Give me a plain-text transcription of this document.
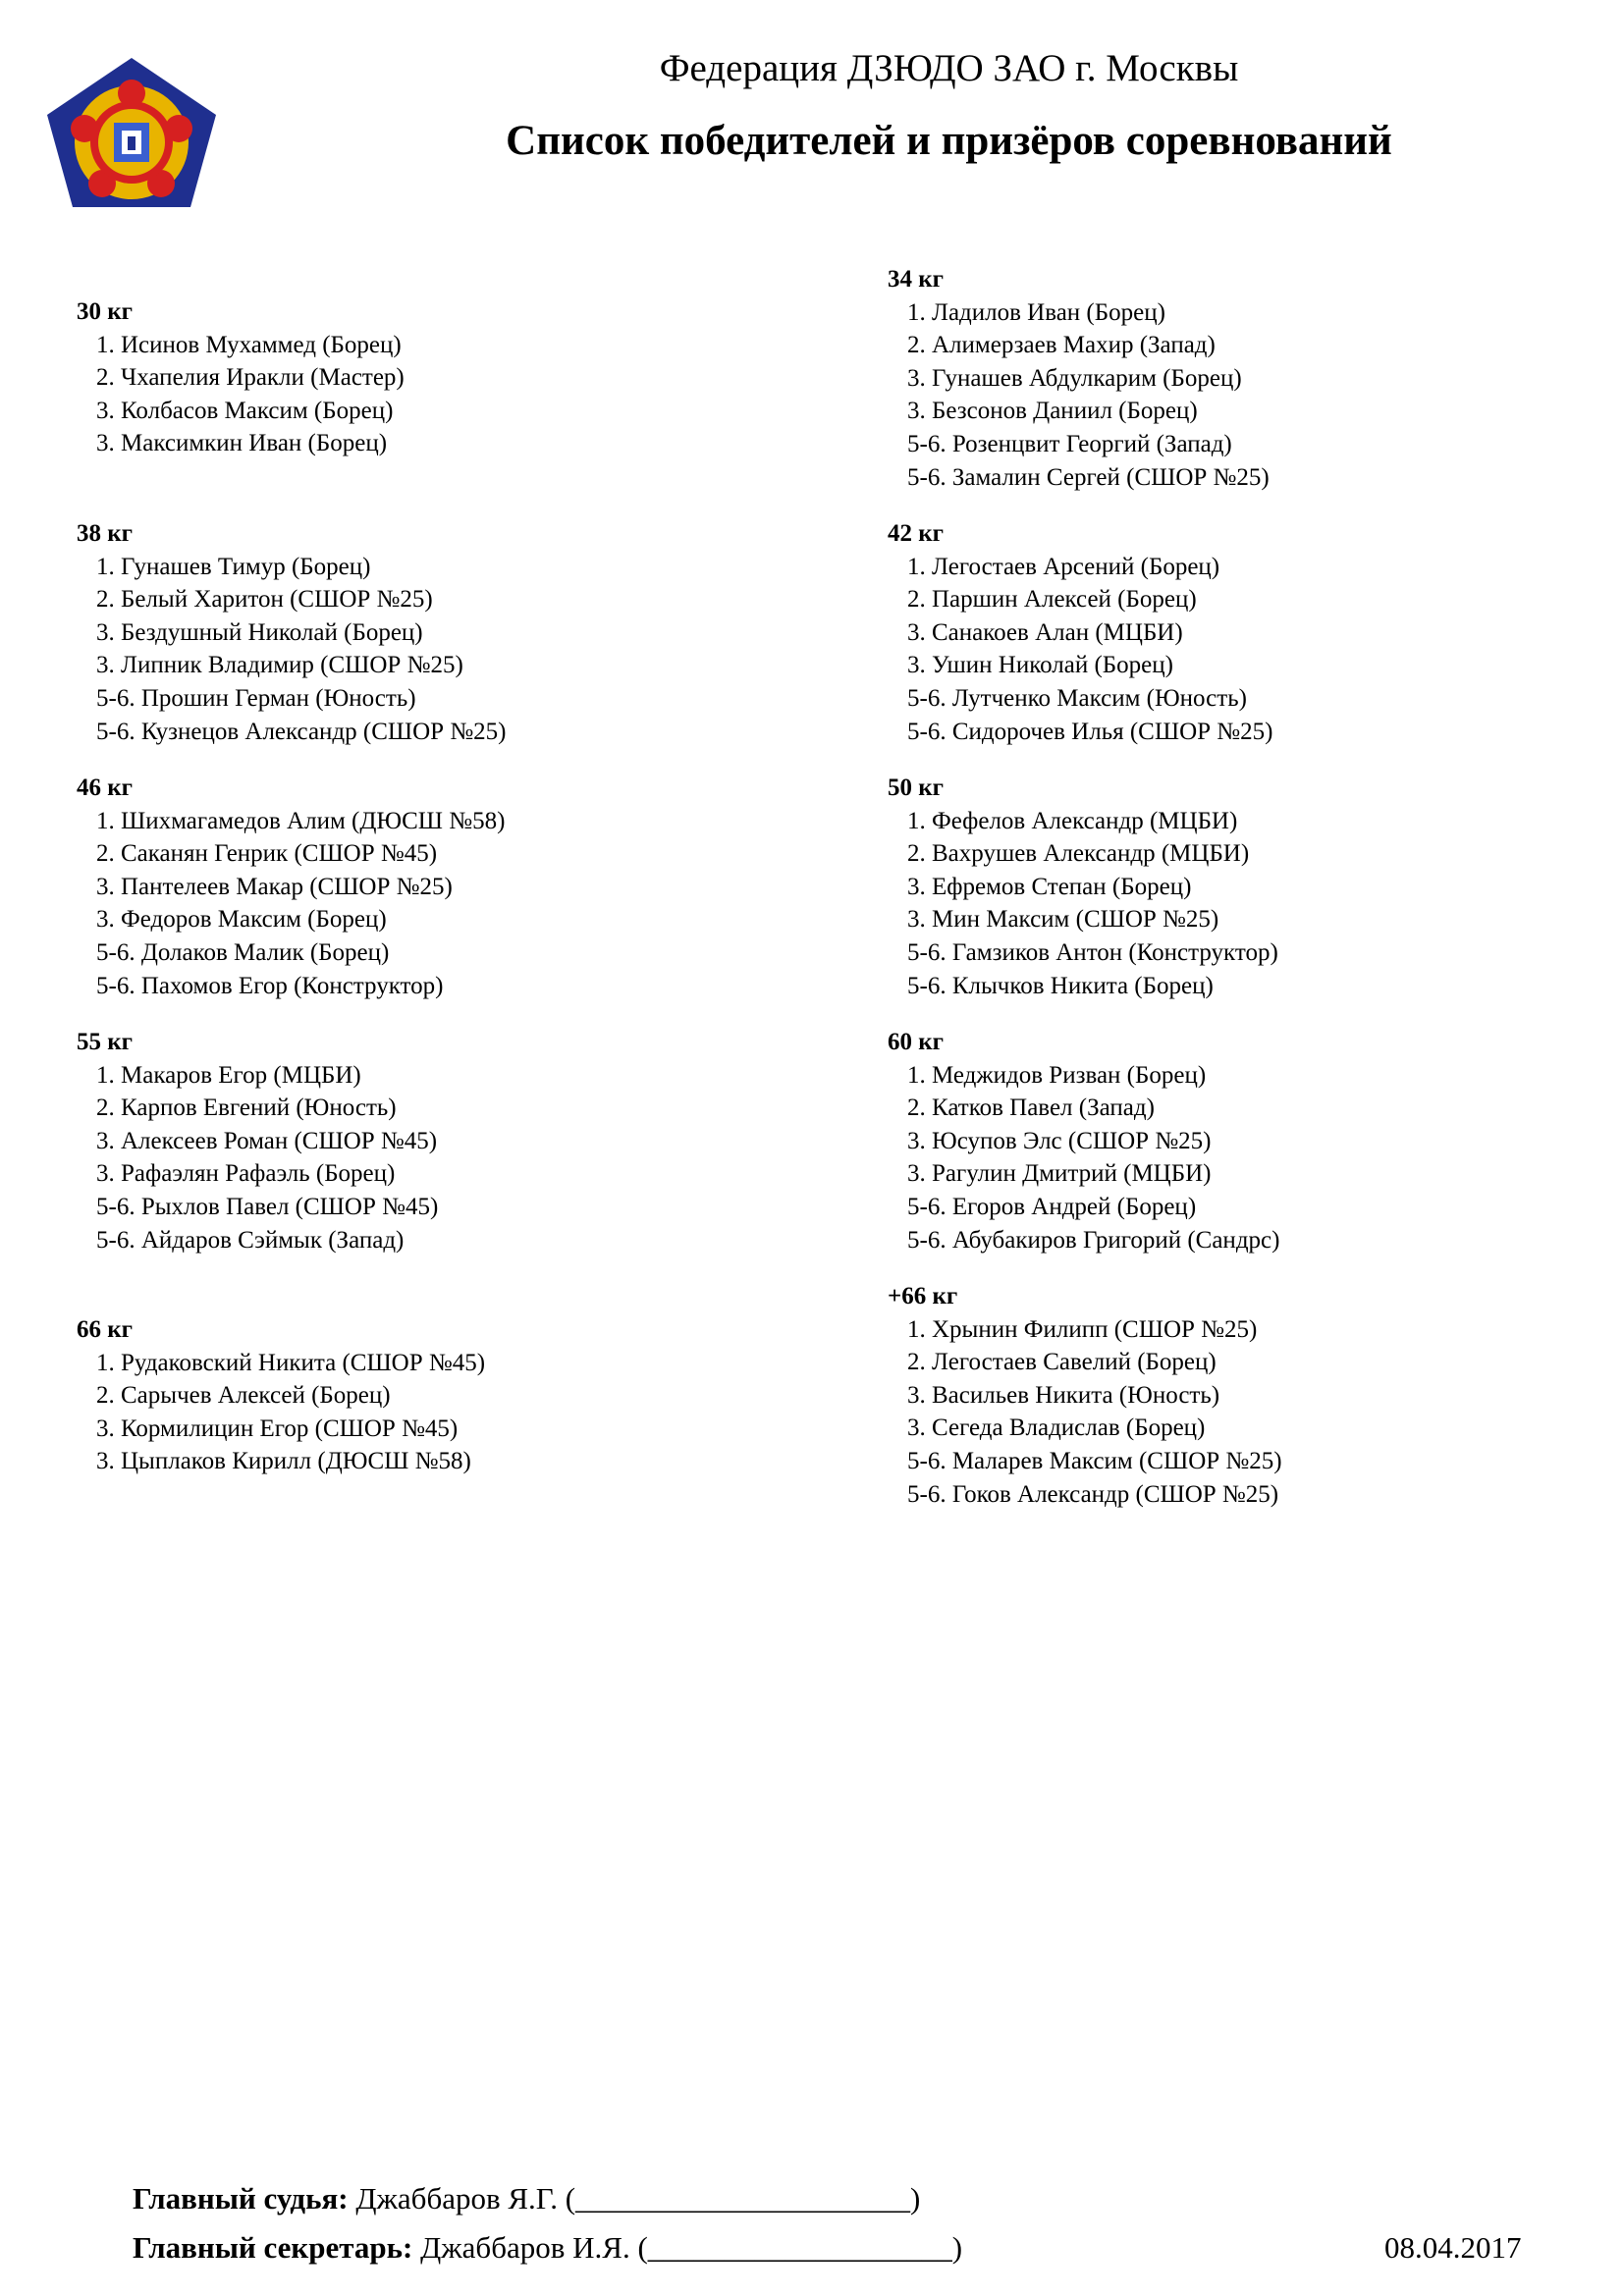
Федерация ДЗЮДО ЗАО г. Москвы
Список победителей и призёров соревнований
30 кг
1. Исинов Мухаммед (Борец)
2. Чхапелия Иракли (Мастер)
3. Колбасов Максим (Борец)
3. Максимкин Иван (Борец)
34 кг
1. Ладилов Иван (Борец)
2. Алимерзаев Махир (Запад)
3. Гунашев Абдулкарим (Борец)
3. Безсонов Даниил (Борец)
5-6. Розенцвит Георгий (Запад)
5-6. Замалин Сергей (СШОР №25)
38 кг
1. Гунашев Тимур (Борец)
2. Белый Харитон (СШОР №25)
3. Бездушный Николай (Борец)
3. Липник Владимир (СШОР №25)
5-6. Прошин Герман (Юность)
5-6. Кузнецов Александр (СШОР №25)
42 кг
1. Легостаев Арсений (Борец)
2. Паршин Алексей (Борец)
3. Санакоев Алан (МЦБИ)
3. Ушин Николай (Борец)
5-6. Лутченко Максим (Юность)
5-6. Сидорочев Илья (СШОР №25)
46 кг
1. Шихмагамедов Алим (ДЮСШ №58)
2. Саканян Генрик (СШОР №45)
3. Пантелеев Макар (СШОР №25)
3. Федоров Максим (Борец)
5-6. Долаков Малик (Борец)
5-6. Пахомов Егор (Конструктор)
50 кг
1. Фефелов Александр (МЦБИ)
2. Вахрушев Александр (МЦБИ)
3. Ефремов Степан (Борец)
3. Мин Максим (СШОР №25)
5-6. Гамзиков Антон (Конструктор)
5-6. Клычков Никита (Борец)
55 кг
1. Макаров Егор (МЦБИ)
2. Карпов Евгений (Юность)
3. Алексеев Роман (СШОР №45)
3. Рафаэлян Рафаэль (Борец)
5-6. Рыхлов Павел (СШОР №45)
5-6. Айдаров Сэймык (Запад)
60 кг
1. Меджидов Ризван (Борец)
2. Катков Павел (Запад)
3. Юсупов Элс (СШОР №25)
3. Рагулин Дмитрий (МЦБИ)
5-6. Егоров Андрей (Борец)
5-6. Абубакиров Григорий (Сандрс)
66 кг
1. Рудаковский Никита (СШОР №45)
2. Сарычев Алексей (Борец)
3. Кормилицин Егор (СШОР №45)
3. Цыплаков Кирилл (ДЮСШ №58)
+66 кг
1. Хрынин Филипп (СШОР №25)
2. Легостаев Савелий (Борец)
3. Васильев Никита (Юность)
3. Сегеда Владислав (Борец)
5-6. Маларев Максим (СШОР №25)
5-6. Гоков Александр (СШОР №25)
Главный судья: Джаббаров Я.Г. (______________________)
Главный секретарь: Джаббаров И.Я. (____________________)	08.04.2017
